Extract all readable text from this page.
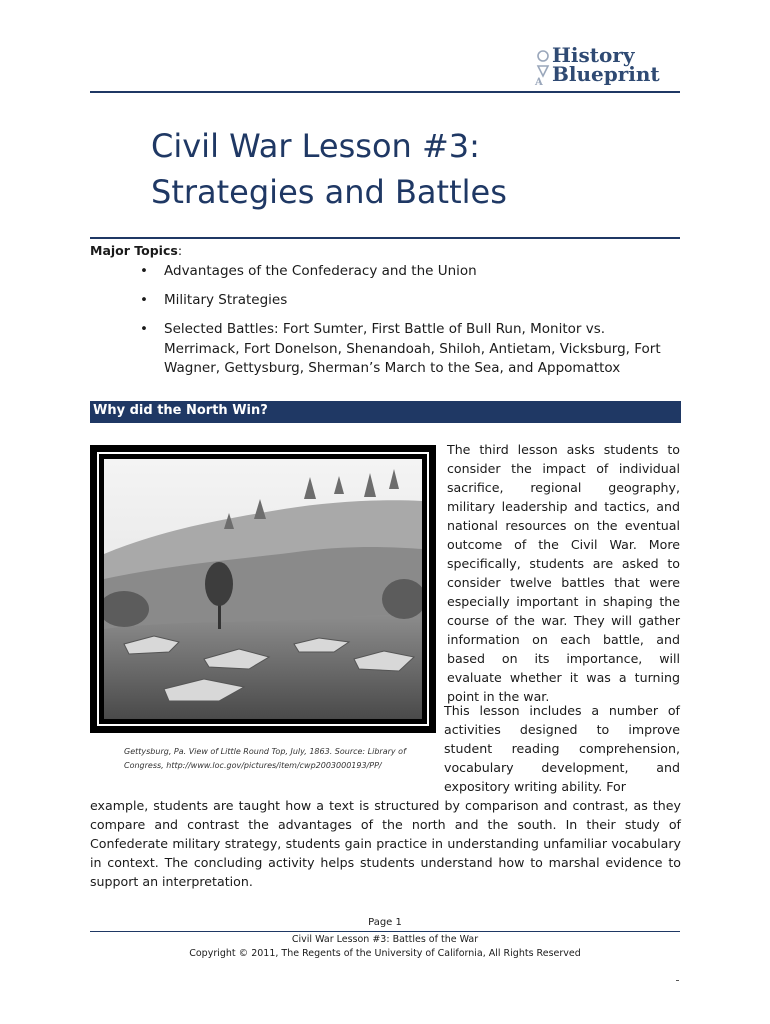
A
History
Blueprint
Civil War Lesson #3:
Strategies and Battles
Major Topics:
• Advantages of the Confederacy and the Union
• Military Strategies
• Selected Battles: Fort Sumter, First Battle of Bull Run, Monitor vs. Merrimack, Fort Donelson, Shenandoah, Shiloh, Antietam, Vicksburg, Fort Wagner, Gettysburg, Sherman’s March to the Sea, and Appomattox
Why did the North Win?
Gettysburg, Pa. View of Little Round Top, July, 1863. Source: Library of Congress, http://www.loc.gov/pictures/item/cwp2003000193/PP/
The third lesson asks students to consider the impact of individual sacrifice, regional geography, military leadership and tactics, and national resources on the eventual outcome of the Civil War. More specifically, students are asked to consider twelve battles that were especially important in shaping the course of the war. They will gather information on each battle, and based on its importance, will evaluate whether it was a turning point in the war.
This lesson includes a number of activities designed to improve student reading comprehension, vocabulary development, and expository writing ability. For
example, students are taught how a text is structured by comparison and contrast, as they compare and contrast the advantages of the north and the south. In their study of Confederate military strategy, students gain practice in understanding unfamiliar vocabulary in context. The concluding activity helps students understand how to marshal evidence to support an interpretation.
Page 1
Civil War Lesson #3: Battles of the War
Copyright © 2011, The Regents of the University of California, All Rights Reserved
